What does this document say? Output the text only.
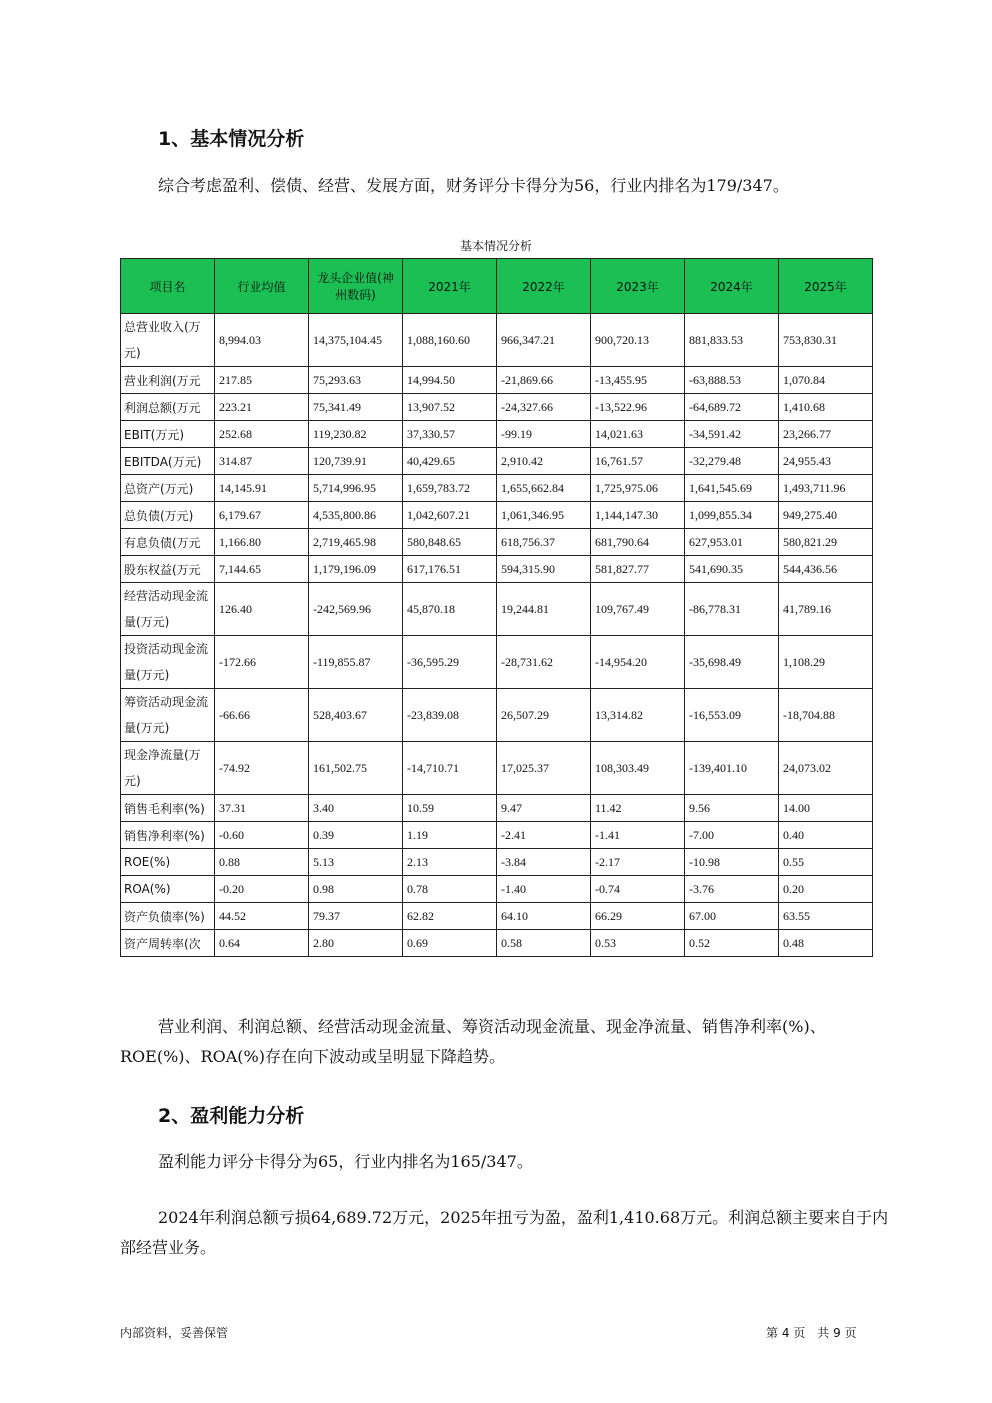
1、基本情况分析
综合考虑盈利、偿债、经营、发展方面，财务评分卡得分为56，行业内排名为179/347。
基本情况分析
项目名	行业均值	龙头企业值(神州数码)	2021年	2022年	2023年	2024年	2025年
总营业收入(万元)	8,994.03	14,375,104.45	1,088,160.60	966,347.21	900,720.13	881,833.53	753,830.31
营业利润(万元	217.85	75,293.63	14,994.50	-21,869.66	-13,455.95	-63,888.53	1,070.84
利润总额(万元	223.21	75,341.49	13,907.52	-24,327.66	-13,522.96	-64,689.72	1,410.68
EBIT(万元)	252.68	119,230.82	37,330.57	-99.19	14,021.63	-34,591.42	23,266.77
EBITDA(万元)	314.87	120,739.91	40,429.65	2,910.42	16,761.57	-32,279.48	24,955.43
总资产(万元)	14,145.91	5,714,996.95	1,659,783.72	1,655,662.84	1,725,975.06	1,641,545.69	1,493,711.96
总负债(万元)	6,179.67	4,535,800.86	1,042,607.21	1,061,346.95	1,144,147.30	1,099,855.34	949,275.40
有息负债(万元	1,166.80	2,719,465.98	580,848.65	618,756.37	681,790.64	627,953.01	580,821.29
股东权益(万元	7,144.65	1,179,196.09	617,176.51	594,315.90	581,827.77	541,690.35	544,436.56
经营活动现金流量(万元)	126.40	-242,569.96	45,870.18	19,244.81	109,767.49	-86,778.31	41,789.16
投资活动现金流量(万元)	-172.66	-119,855.87	-36,595.29	-28,731.62	-14,954.20	-35,698.49	1,108.29
筹资活动现金流量(万元)	-66.66	528,403.67	-23,839.08	26,507.29	13,314.82	-16,553.09	-18,704.88
现金净流量(万元)	-74.92	161,502.75	-14,710.71	17,025.37	108,303.49	-139,401.10	24,073.02
销售毛利率(%)	37.31	3.40	10.59	9.47	11.42	9.56	14.00
销售净利率(%)	-0.60	0.39	1.19	-2.41	-1.41	-7.00	0.40
ROE(%)	0.88	5.13	2.13	-3.84	-2.17	-10.98	0.55
ROA(%)	-0.20	0.98	0.78	-1.40	-0.74	-3.76	0.20
资产负债率(%)	44.52	79.37	62.82	64.10	66.29	67.00	63.55
资产周转率(次	0.64	2.80	0.69	0.58	0.53	0.52	0.48
营业利润、利润总额、经营活动现金流量、筹资活动现金流量、现金净流量、销售净利率(%)、ROE(%)、ROA(%)存在向下波动或呈明显下降趋势。
2、盈利能力分析
盈利能力评分卡得分为65，行业内排名为165/347。
2024年利润总额亏损64,689.72万元，2025年扭亏为盈，盈利1,410.68万元。利润总额主要来自于内部经营业务。
内部资料，妥善保管	第 4 页　共 9 页
